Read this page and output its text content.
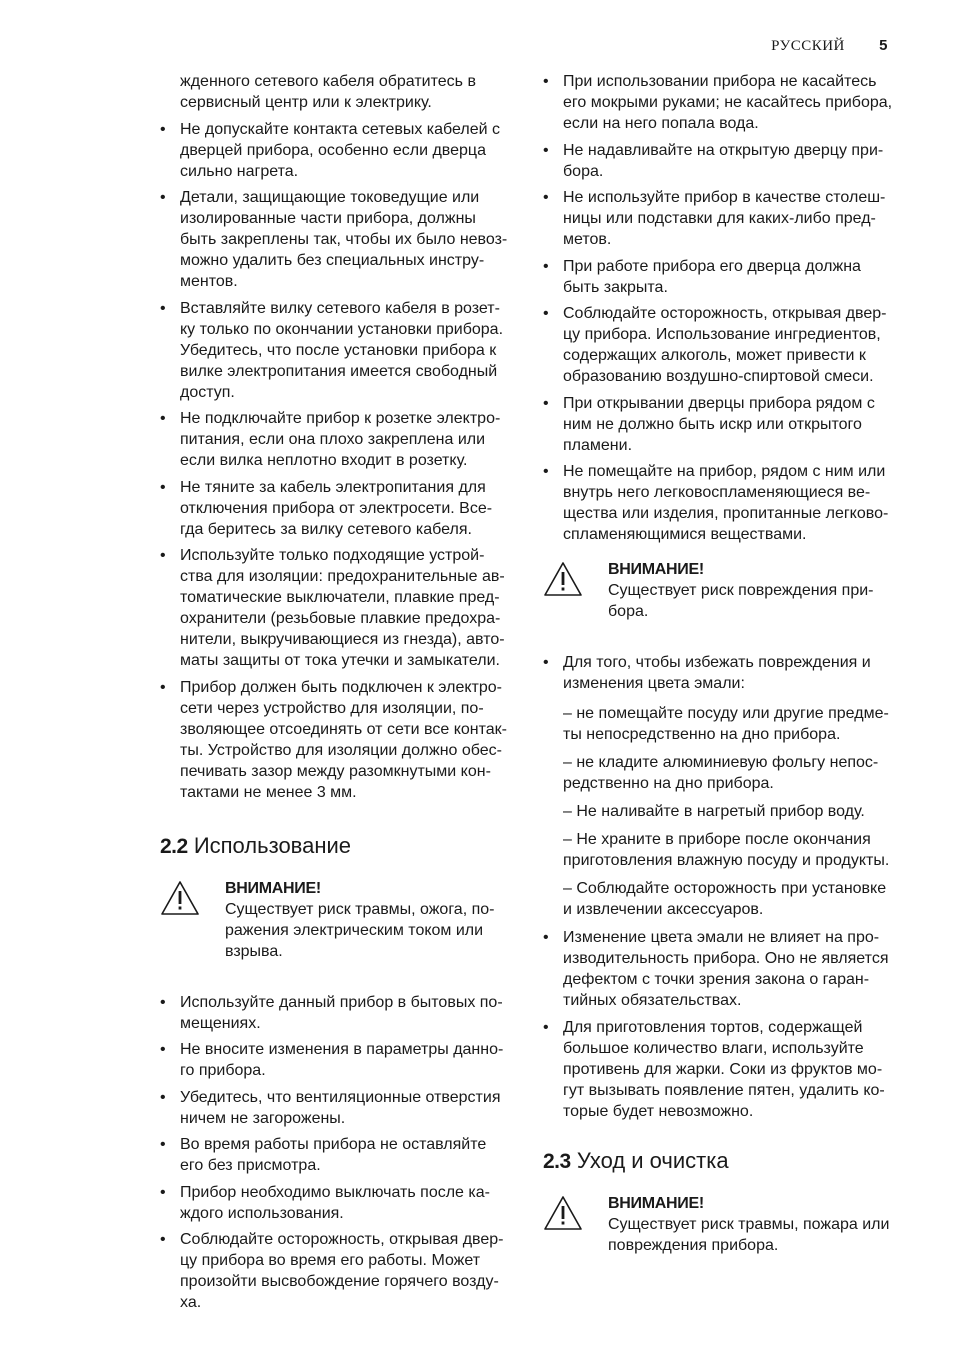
РУССКИЙ 5
жденного сетевого кабеля обратитесь в сервисный центр или к электрику.
• Не допускайте контакта сетевых кабелей с дверцей прибора, особенно если дверца сильно нагрета.
• Детали, защищающие токоведущие или изолированные части прибора, должны быть закреплены так, чтобы их было невоз- можно удалить без специальных инстру- ментов.
• Вставляйте вилку сетевого кабеля в розет- ку только по окончании установки прибора. Убедитесь, что после установки прибора к вилке электропитания имеется свободный доступ.
• Не подключайте прибор к розетке электро- питания, если она плохо закреплена или если вилка неплотно входит в розетку.
• Не тяните за кабель электропитания для отключения прибора от электросети. Все- гда беритесь за вилку сетевого кабеля.
• Используйте только подходящие устрой- ства для изоляции: предохранительные ав- томатические выключатели, плавкие пред- охранители (резьбовые плавкие предохра- нители, выкручивающиеся из гнезда), авто- маты защиты от тока утечки и замыкатели.
• Прибор должен быть подключен к электро- сети через устройство для изоляции, по- зволяющее отсоединять от сети все контак- ты. Устройство для изоляции должно обес- печивать зазор между разомкнутыми кон- тактами не менее 3 мм.
2.2 Использование
ВНИМАНИЕ!
Существует риск травмы, ожога, по- ражения электрическим током или взрыва.
• Используйте данный прибор в бытовых по- мещениях.
• Не вносите изменения в параметры данно- го прибора.
• Убедитесь, что вентиляционные отверстия ничем не загорожены.
• Во время работы прибора не оставляйте его без присмотра.
• Прибор необходимо выключать после ка- ждого использования.
• Соблюдайте осторожность, открывая двер- цу прибора во время его работы. Может произойти высвобождение горячего возду- ха.
• При использовании прибора не касайтесь его мокрыми руками; не касайтесь прибора, если на него попала вода.
• Не надавливайте на открытую дверцу при- бора.
• Не используйте прибор в качестве столеш- ницы или подставки для каких-либо пред- метов.
• При работе прибора его дверца должна быть закрыта.
• Соблюдайте осторожность, открывая двер- цу прибора. Использование ингредиентов, содержащих алкоголь, может привести к образованию воздушно-спиртовой смеси.
• При открывании дверцы прибора рядом с ним не должно быть искр или открытого пламени.
• Не помещайте на прибор, рядом с ним или внутрь него легковоспламеняющиеся ве- щества или изделия, пропитанные легково- спламеняющимися веществами.
ВНИМАНИЕ!
Существует риск повреждения при- бора.
• Для того, чтобы избежать повреждения и изменения цвета эмали:
– не помещайте посуду или другие предме- ты непосредственно на дно прибора.
– не кладите алюминиевую фольгу непос- редственно на дно прибора.
– Не наливайте в нагретый прибор воду.
– Не храните в приборе после окончания приготовления влажную посуду и продукты.
– Соблюдайте осторожность при установке и извлечении аксессуаров.
• Изменение цвета эмали не влияет на про- изводительность прибора. Оно не является дефектом с точки зрения закона о гаран- тийных обязательствах.
• Для приготовления тортов, содержащей большое количество влаги, используйте противень для жарки. Соки из фруктов мо- гут вызывать появление пятен, удалить ко- торые будет невозможно.
2.3 Уход и очистка
ВНИМАНИЕ!
Существует риск травмы, пожара или повреждения прибора.
